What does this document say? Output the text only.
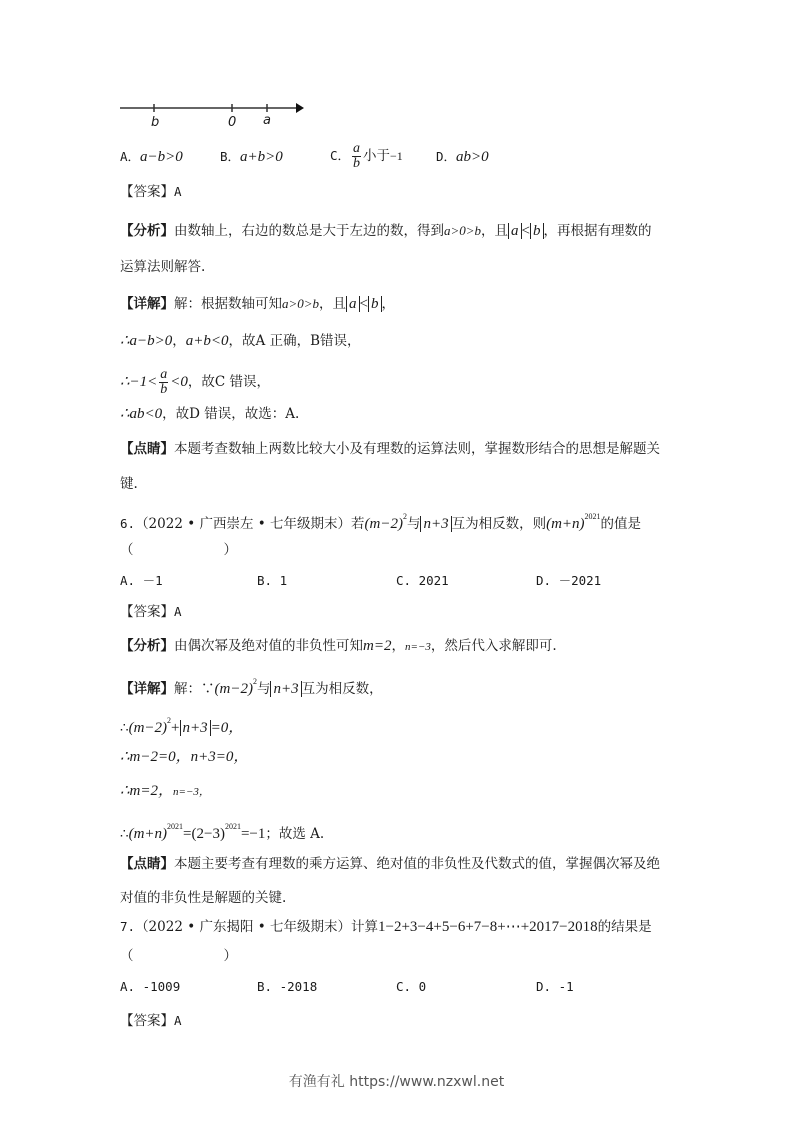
b	0 a
A．a−b>0	B．a+b>0	C． $\frac{a}{b}$ 小于−1	D．ab>0
【答案】A
【分析】由数轴上，右边的数总是大于左边的数，得到a>0>b，且 a < b ，再根据有理数的
运算法则解答.
【详解】解：根据数轴可知a>0>b，且 a < b ，
∴a−b>0，a+b<0，故A 正确，B错误，
∴−1< $\frac{a}{b} <0$，故C 错误，
∴ab<0，故D 错误，故选：A.
【点睛】本题考查数轴上两数比较大小及有理数的运算法则，掌握数形结合的思想是解题关
键.
6.（2022 • 广西崇左 • 七年级期末）若$(m-2)^2$与 n+3 互为相反数，则$(m+n)^{2021}$的值是
（	）
A. －1	B. 1	C. 2021	D. －2021
【答案】A
【分析】由偶次幂及绝对值的非负性可知m=2，n=−3，然后代入求解即可.
【详解】解：$\because(m-2)^2$与 n+3 互为相反数，
$\therefore(m-2)^2+ n+3 =0$，
∴m−2=0，n+3=0，
∴m=2，n=−3，
$\therefore(m+n)^{2021}=(2-3)^{2021}=-1$；故选 A.
【点睛】本题主要考查有理数的乘方运算、绝对值的非负性及代数式的值，掌握偶次幂及绝
对值的非负性是解题的关键.
7.（2022 • 广东揭阳 • 七年级期末）计算1−2+3−4+5−6+7−8+⋯+2017−2018的结果是
（	）
A. -1009	B. -2018	C. 0	D. -1
【答案】A
有渔有礼 https://www.nzxwl.net
